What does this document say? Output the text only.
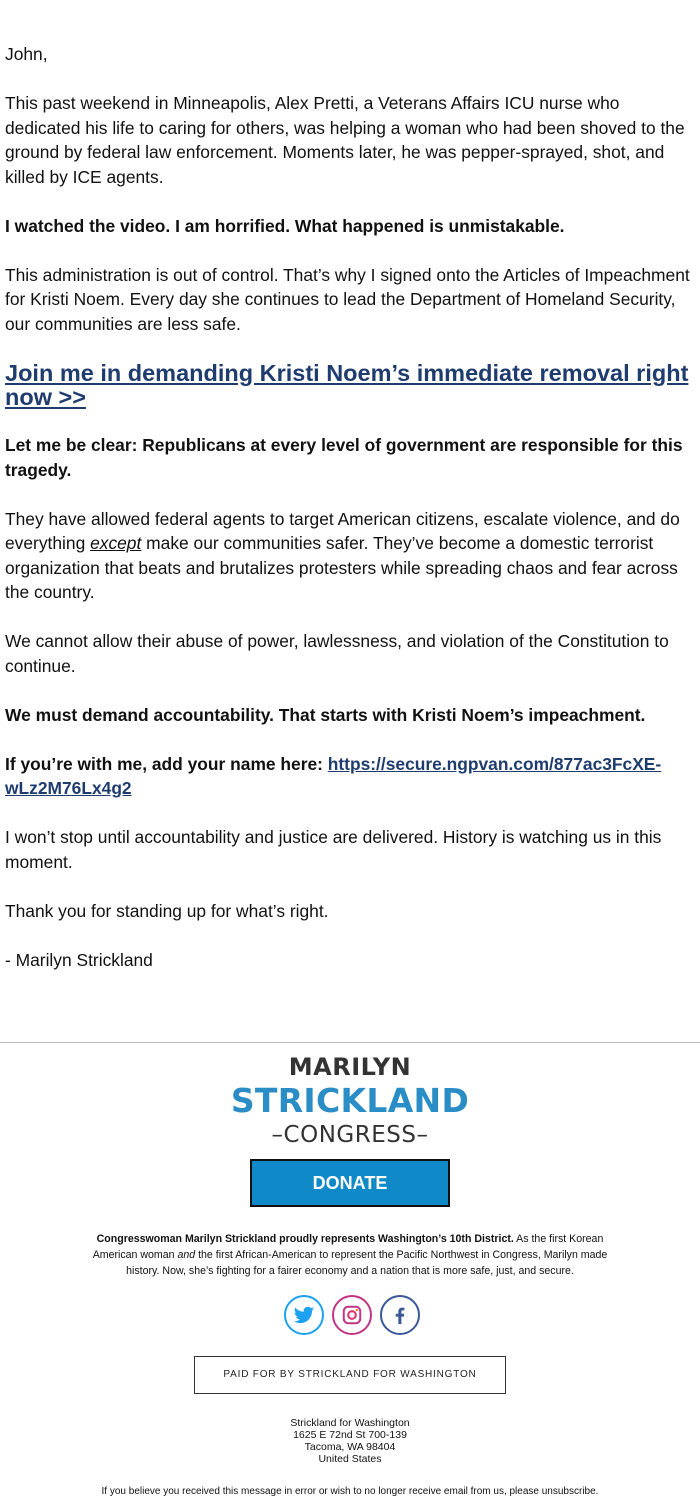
John,

This past weekend in Minneapolis, Alex Pretti, a Veterans Affairs ICU nurse who dedicated his life to caring for others, was helping a woman who had been shoved to the ground by federal law enforcement. Moments later, he was pepper-sprayed, shot, and killed by ICE agents.

I watched the video. I am horrified. What happened is unmistakable.

This administration is out of control. That’s why I signed onto the Articles of Impeachment for Kristi Noem. Every day she continues to lead the Department of Homeland Security, our communities are less safe.

Join me in demanding Kristi Noem’s immediate removal right now >>

Let me be clear: Republicans at every level of government are responsible for this tragedy.

They have allowed federal agents to target American citizens, escalate violence, and do everything except make our communities safer. They’ve become a domestic terrorist organization that beats and brutalizes protesters while spreading chaos and fear across the country.

We cannot allow their abuse of power, lawlessness, and violation of the Constitution to continue.

We must demand accountability. That starts with Kristi Noem’s impeachment.

If you’re with me, add your name here: https://secure.ngpvan.com/877ac3FcXE-wLz2M76Lx4g2

I won’t stop until accountability and justice are delivered. History is watching us in this moment.

Thank you for standing up for what’s right.

- Marilyn Strickland

MARILYN
STRICKLAND
–CONGRESS–
DONATE
Congresswoman Marilyn Strickland proudly represents Washington’s 10th District. As the first Korean American woman and the first African-American to represent the Pacific Northwest in Congress, Marilyn made history. Now, she’s fighting for a fairer economy and a nation that is more safe, just, and secure.
PAID FOR BY STRICKLAND FOR WASHINGTON
Strickland for Washington
1625 E 72nd St 700-139
Tacoma, WA 98404
United States
If you believe you received this message in error or wish to no longer receive email from us, please unsubscribe.
